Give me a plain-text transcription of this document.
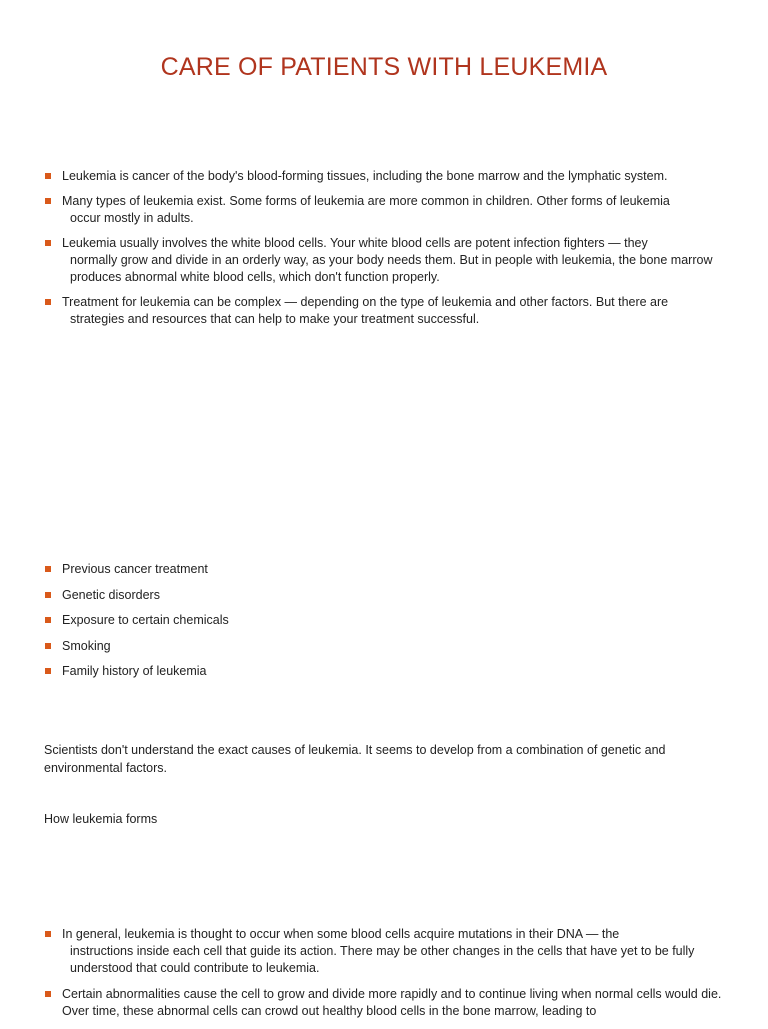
CARE OF PATIENTS WITH LEUKEMIA
Leukemia is cancer of the body's blood-forming tissues, including the bone marrow and the lymphatic system.
Many types of leukemia exist. Some forms of leukemia are more common in children. Other forms of leukemia
occur mostly in adults.
Leukemia usually involves the white blood cells. Your white blood cells are potent infection fighters — they
normally grow and divide in an orderly way, as your body needs them. But in people with leukemia, the bone marrow produces abnormal white blood cells, which don't function properly.
Treatment for leukemia can be complex — depending on the type of leukemia and other factors. But there are
strategies and resources that can help to make your treatment successful.
Previous cancer treatment
Genetic disorders
Exposure to certain chemicals
Smoking
Family history of leukemia

Scientists don't understand the exact causes of leukemia. It seems to develop from a combination of genetic and environmental factors.

How leukemia forms

In general, leukemia is thought to occur when some blood cells acquire mutations in their DNA — the
instructions inside each cell that guide its action. There may be other changes in the cells that have yet to be fully understood that could contribute to leukemia.
Certain abnormalities cause the cell to grow and divide more rapidly and to continue living when normal cells would die. Over time, these abnormal cells can crowd out healthy blood cells in the bone marrow, leading to
